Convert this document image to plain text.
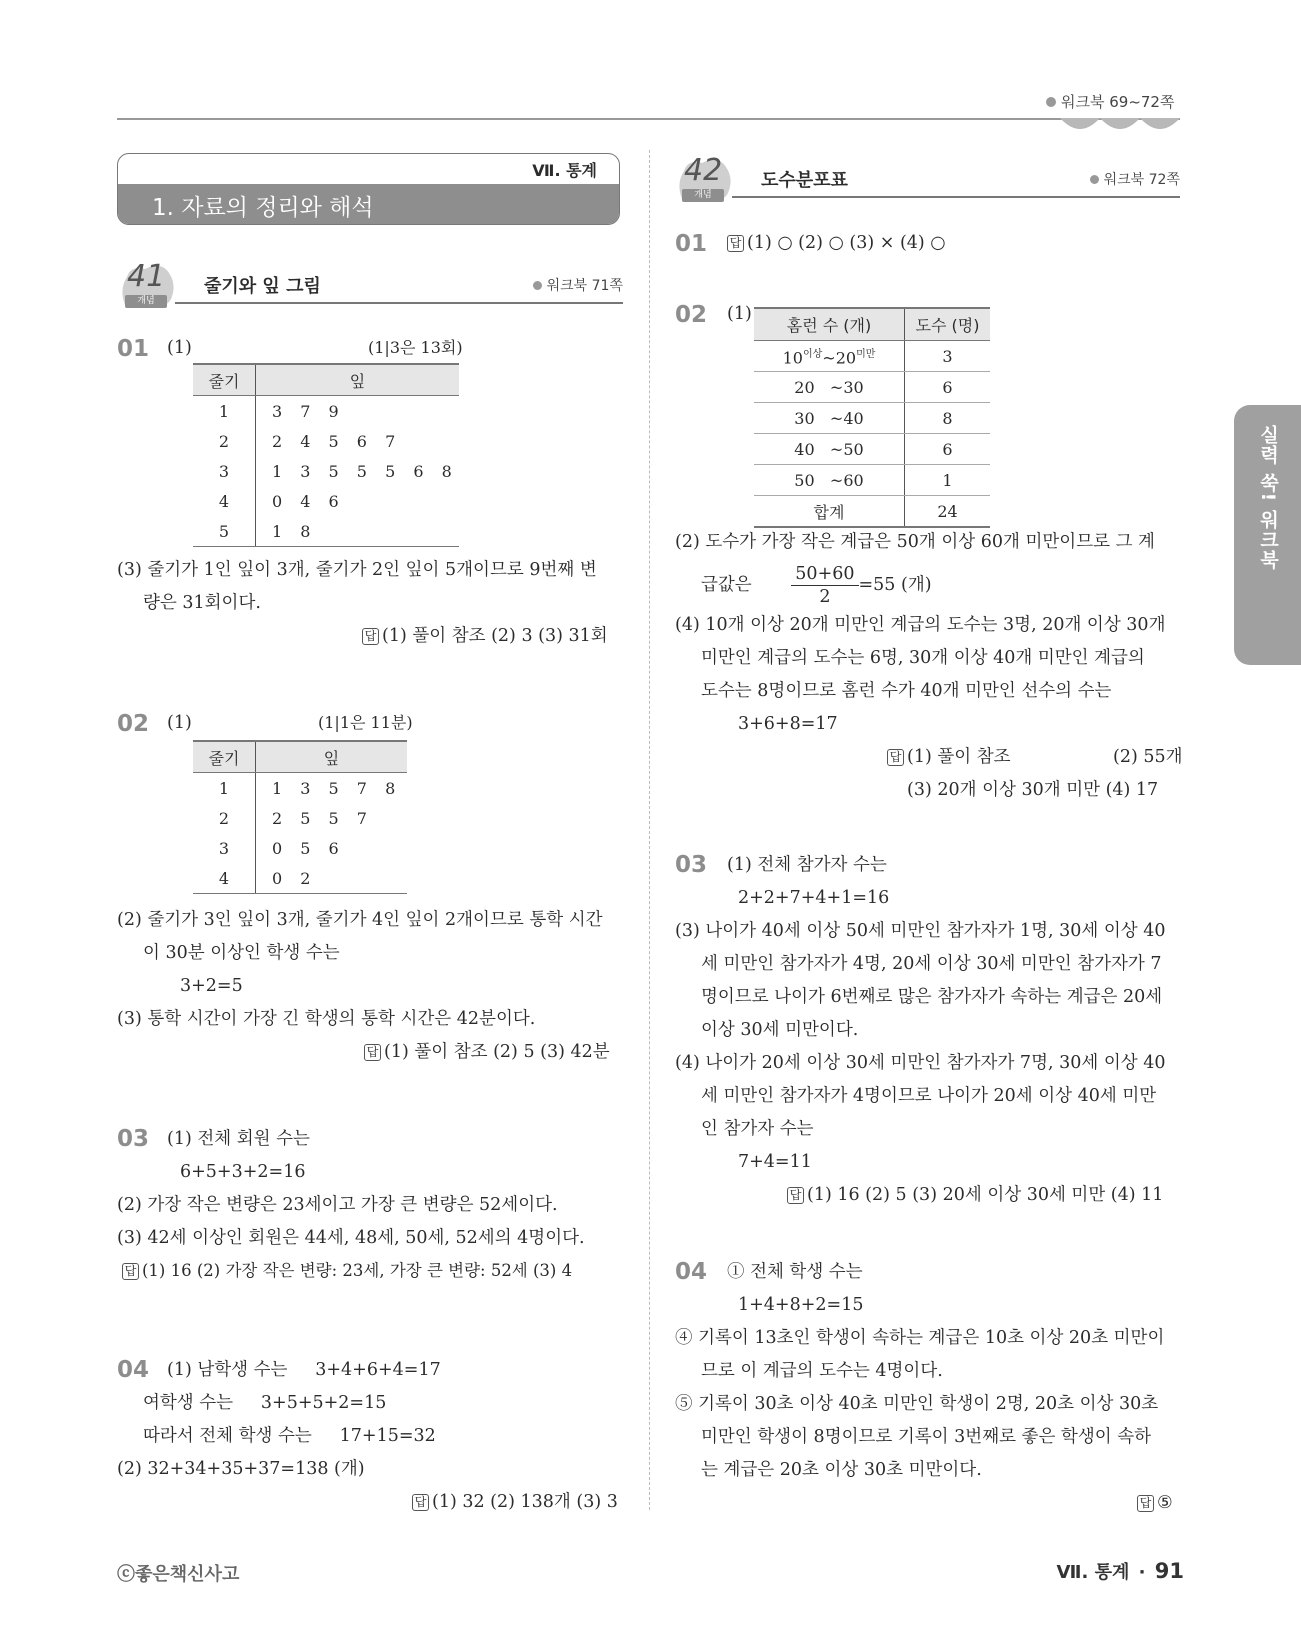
워크북 69~72쪽
실력 쑥! 워크북
Ⅶ. 통계
1. 자료의 정리와 해석
41
개념
줄기와 잎 그림	워크북 71쪽
01 (1)	(1|3은 13회)
줄기	잎
1	3 7 9
2	2 4 5 6 7
3	1 3 5 5 5 6 8
4	0 4 6
5	1 8
(3) 줄기가 1인 잎이 3개, 줄기가 2인 잎이 5개이므로 9번째 변
량은 31회이다.
답 (1) 풀이 참조 (2) 3 (3) 31회
02 (1)	(1|1은 11분)
줄기	잎
1	1 3 5 7 8
2	2 5 5 7
3	0 5 6
4	0 2
(2) 줄기가 3인 잎이 3개, 줄기가 4인 잎이 2개이므로 통학 시간
이 30분 이상인 학생 수는
3+2=5
(3) 통학 시간이 가장 긴 학생의 통학 시간은 42분이다.
답 (1) 풀이 참조 (2) 5 (3) 42분
03 (1) 전체 회원 수는
6+5+3+2=16
(2) 가장 작은 변량은 23세이고 가장 큰 변량은 52세이다.
(3) 42세 이상인 회원은 44세, 48세, 50세, 52세의 4명이다.
답 (1) 16 (2) 가장 작은 변량: 23세, 가장 큰 변량: 52세 (3) 4
04 (1) 남학생 수는     3+4+6+4=17
여학생 수는     3+5+5+2=15
따라서 전체 학생 수는     17+15=32
(2) 32+34+35+37=138 (개)
답 (1) 32 (2) 138개 (3) 3
42
개념
도수분포표	워크북 72쪽
01 답 (1) ○ (2) ○ (3) × (4) ○
02 (1)
홈런 수 (개)	도수 (명)
$10^{이상}\sim 20^{미만}$	3
20   ~30	6
30   ~40	8
40   ~50	6
50   ~60	1
합계	24
(2) 도수가 가장 작은 계급은 50개 이상 60개 미만이므로 그 계
급값은 $\frac{50+60}{2} =55$ (개)
(4) 10개 이상 20개 미만인 계급의 도수는 3명, 20개 이상 30개
미만인 계급의 도수는 6명, 30개 이상 40개 미만인 계급의
도수는 8명이므로 홈런 수가 40개 미만인 선수의 수는
3+6+8=17
답 (1) 풀이 참조	(2) 55개
(3) 20개 이상 30개 미만 (4) 17
03 (1) 전체 참가자 수는
2+2+7+4+1=16
(3) 나이가 40세 이상 50세 미만인 참가자가 1명, 30세 이상 40
세 미만인 참가자가 4명, 20세 이상 30세 미만인 참가자가 7
명이므로 나이가 6번째로 많은 참가자가 속하는 계급은 20세
이상 30세 미만이다.
(4) 나이가 20세 이상 30세 미만인 참가자가 7명, 30세 이상 40
세 미만인 참가자가 4명이므로 나이가 20세 이상 40세 미만
인 참가자 수는
7+4=11
답 (1) 16 (2) 5 (3) 20세 이상 30세 미만 (4) 11
04 ① 전체 학생 수는
1+4+8+2=15
④ 기록이 13초인 학생이 속하는 계급은 10초 이상 20초 미만이
므로 이 계급의 도수는 4명이다.
⑤ 기록이 30초 이상 40초 미만인 학생이 2명, 20초 이상 30초
미만인 학생이 8명이므로 기록이 3번째로 좋은 학생이 속하
는 계급은 20초 이상 30초 미만이다.
답 ⑤
ⓒ좋은책신사고	Ⅶ. 통계 · 91
